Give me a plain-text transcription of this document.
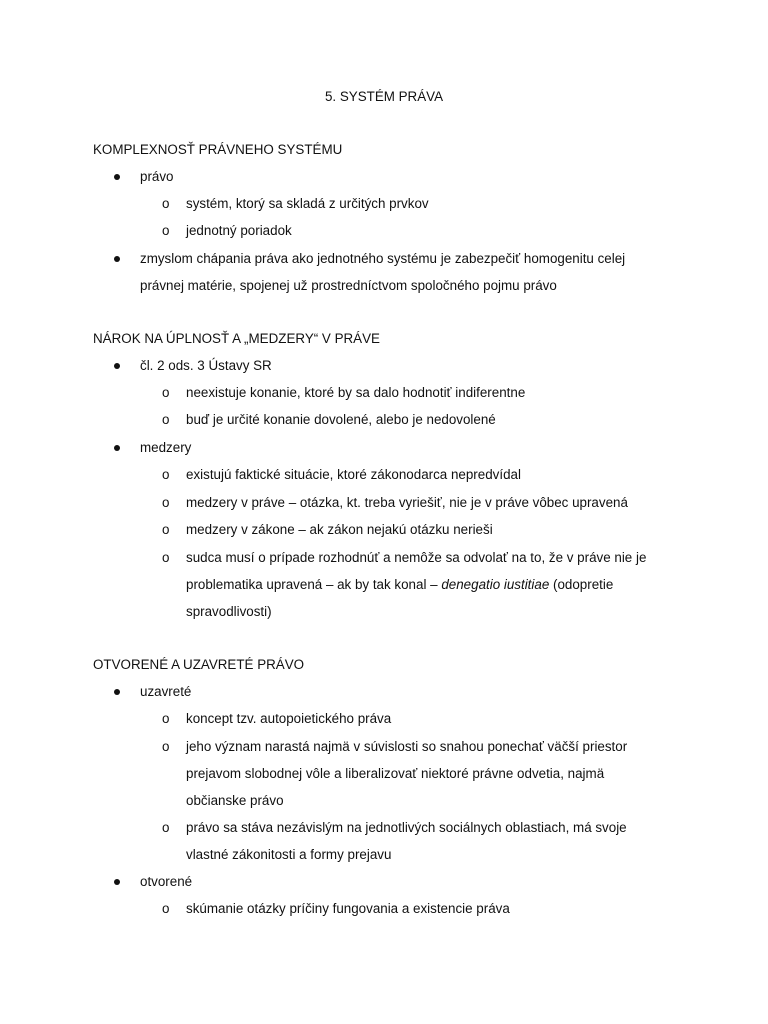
5. SYSTÉM PRÁVA
KOMPLEXNOSŤ PRÁVNEHO SYSTÉMU
právo
o systém, ktorý sa skladá z určitých prvkov
o jednotný poriadok
zmyslom chápania práva ako jednotného systému je zabezpečiť homogenitu celej
právnej matérie, spojenej už prostredníctvom spoločného pojmu právo
NÁROK NA ÚPLNOSŤ A „MEDZERY“ V PRÁVE
čl. 2 ods. 3 Ústavy SR
o neexistuje konanie, ktoré by sa dalo hodnotiť indiferentne
o buď je určité konanie dovolené, alebo je nedovolené
medzery
o existujú faktické situácie, ktoré zákonodarca nepredvídal
o medzery v práve – otázka, kt. treba vyriešiť, nie je v práve vôbec upravená
o medzery v zákone – ak zákon nejakú otázku nerieši
o sudca musí o prípade rozhodnúť a nemôže sa odvolať na to, že v práve nie je
problematika upravená – ak by tak konal – denegatio iustitiae (odopretie
spravodlivosti)
OTVORENÉ A UZAVRETÉ PRÁVO
uzavreté
o koncept tzv. autopoietického práva
o jeho význam narastá najmä v súvislosti so snahou ponechať väčší priestor
prejavom slobodnej vôle a liberalizovať niektoré právne odvetia, najmä
občianske právo
o právo sa stáva nezávislým na jednotlivých sociálnych oblastiach, má svoje
vlastné zákonitosti a formy prejavu
otvorené
o skúmanie otázky príčiny fungovania a existencie práva
